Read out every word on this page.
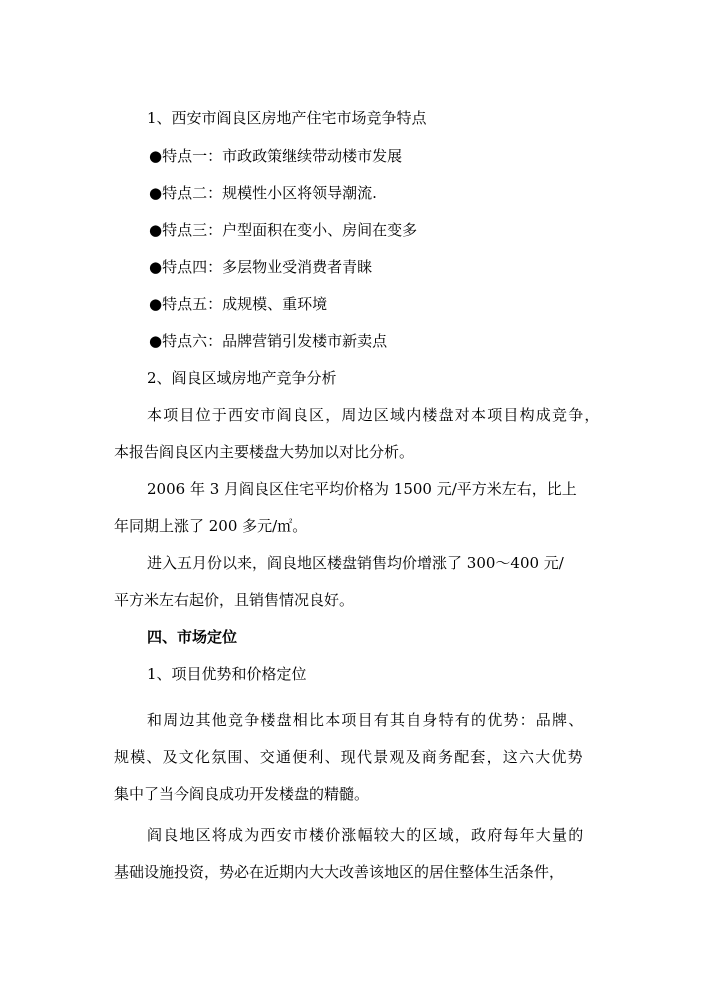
1、西安市阎良区房地产住宅市场竞争特点
●特点一：市政政策继续带动楼市发展
●特点二：规模性小区将领导潮流.
●特点三：户型面积在变小、房间在变多
●特点四：多层物业受消费者青睐
●特点五：成规模、重环境
●特点六：品牌营销引发楼市新卖点
2、阎良区域房地产竞争分析
本项目位于西安市阎良区，周边区域内楼盘对本项目构成竞争，
本报告阎良区内主要楼盘大势加以对比分析。
2006 年 3 月阎良区住宅平均价格为 1500 元/平方米左右，比上
年同期上涨了 200 多元/㎡。
进入五月份以来，阎良地区楼盘销售均价增涨了 300～400 元/
平方米左右起价，且销售情况良好。
四、市场定位
1、项目优势和价格定位
和周边其他竞争楼盘相比本项目有其自身特有的优势：品牌、
规模、及文化氛围、交通便利、现代景观及商务配套，这六大优势
集中了当今阎良成功开发楼盘的精髓。
阎良地区将成为西安市楼价涨幅较大的区域，政府每年大量的
基础设施投资，势必在近期内大大改善该地区的居住整体生活条件，
